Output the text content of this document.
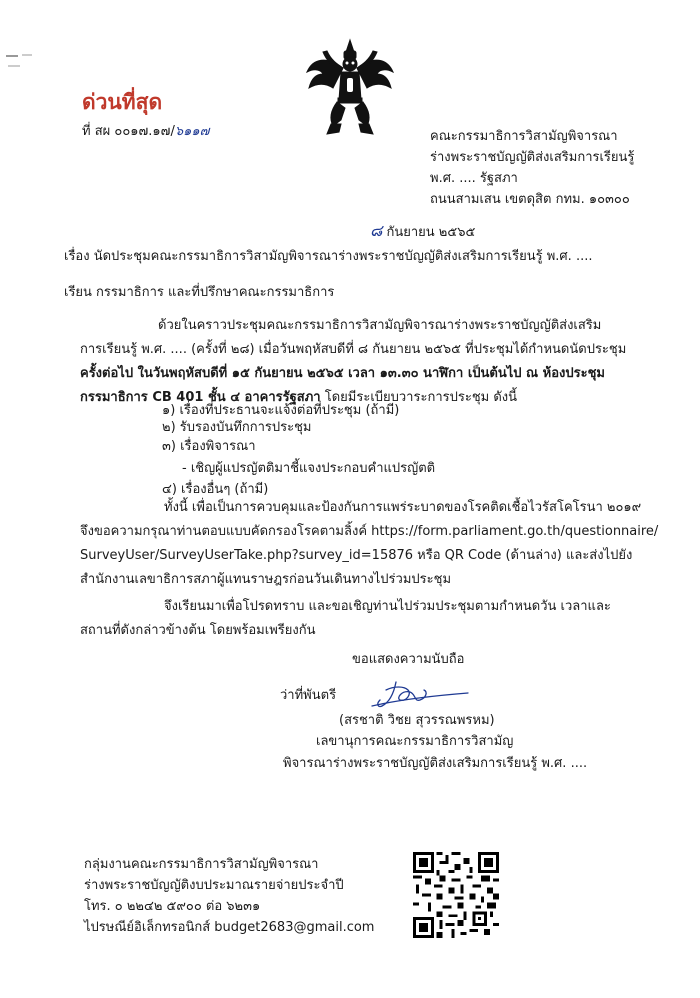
ด่วนที่สุด
ที่ สผ ๐๐๑๗.๑๗/๖๑๑๗	คณะกรรมาธิการวิสามัญพิจารณา
ร่างพระราชบัญญัติส่งเสริมการเรียนรู้
พ.ศ. .... รัฐสภา
ถนนสามเสน เขตดุสิต กทม. ๑๐๓๐๐
๘ กันยายน ๒๕๖๕
เรื่อง นัดประชุมคณะกรรมาธิการวิสามัญพิจารณาร่างพระราชบัญญัติส่งเสริมการเรียนรู้ พ.ศ. ....
เรียน กรรมาธิการ และที่ปรึกษาคณะกรรมาธิการ
ด้วยในคราวประชุมคณะกรรมาธิการวิสามัญพิจารณาร่างพระราชบัญญัติส่งเสริม
การเรียนรู้ พ.ศ. .... (ครั้งที่ ๒๘) เมื่อวันพฤหัสบดีที่ ๘ กันยายน ๒๕๖๕ ที่ประชุมได้กำหนดนัดประชุม
ครั้งต่อไป ในวันพฤหัสบดีที่ ๑๕ กันยายน ๒๕๖๕ เวลา ๑๓.๓๐ นาฬิกา เป็นต้นไป ณ ห้องประชุม
กรรมาธิการ CB 401 ชั้น ๔ อาคารรัฐสภา โดยมีระเบียบวาระการประชุม ดังนี้
๑) เรื่องที่ประธานจะแจ้งต่อที่ประชุม (ถ้ามี)
๒) รับรองบันทึกการประชุม
๓) เรื่องพิจารณา
- เชิญผู้แปรญัตติมาชี้แจงประกอบคำแปรญัตติ
๔) เรื่องอื่นๆ (ถ้ามี)
ทั้งนี้ เพื่อเป็นการควบคุมและป้องกันการแพร่ระบาดของโรคติดเชื้อไวรัสโคโรนา ๒๐๑๙
จึงขอความกรุณาท่านตอบแบบคัดกรองโรคตามลิ้งค์ https://form.parliament.go.th/questionnaire/
SurveyUser/SurveyUserTake.php?survey_id=15876 หรือ QR Code (ด้านล่าง) และส่งไปยัง
สำนักงานเลขาธิการสภาผู้แทนราษฎรก่อนวันเดินทางไปร่วมประชุม
จึงเรียนมาเพื่อโปรดทราบ และขอเชิญท่านไปร่วมประชุมตามกำหนดวัน เวลาและ
สถานที่ดังกล่าวข้างต้น โดยพร้อมเพรียงกัน
ขอแสดงความนับถือ
ว่าที่พันตรี
(สรชาติ วิชย สุวรรณพรหม)
เลขานุการคณะกรรมาธิการวิสามัญ
พิจารณาร่างพระราชบัญญัติส่งเสริมการเรียนรู้ พ.ศ. ....
กลุ่มงานคณะกรรมาธิการวิสามัญพิจารณา
ร่างพระราชบัญญัติงบประมาณรายจ่ายประจำปี
โทร. ๐ ๒๒๔๒ ๕๙๐๐ ต่อ ๖๒๓๑
ไปรษณีย์อิเล็กทรอนิกส์ budget2683@gmail.com
